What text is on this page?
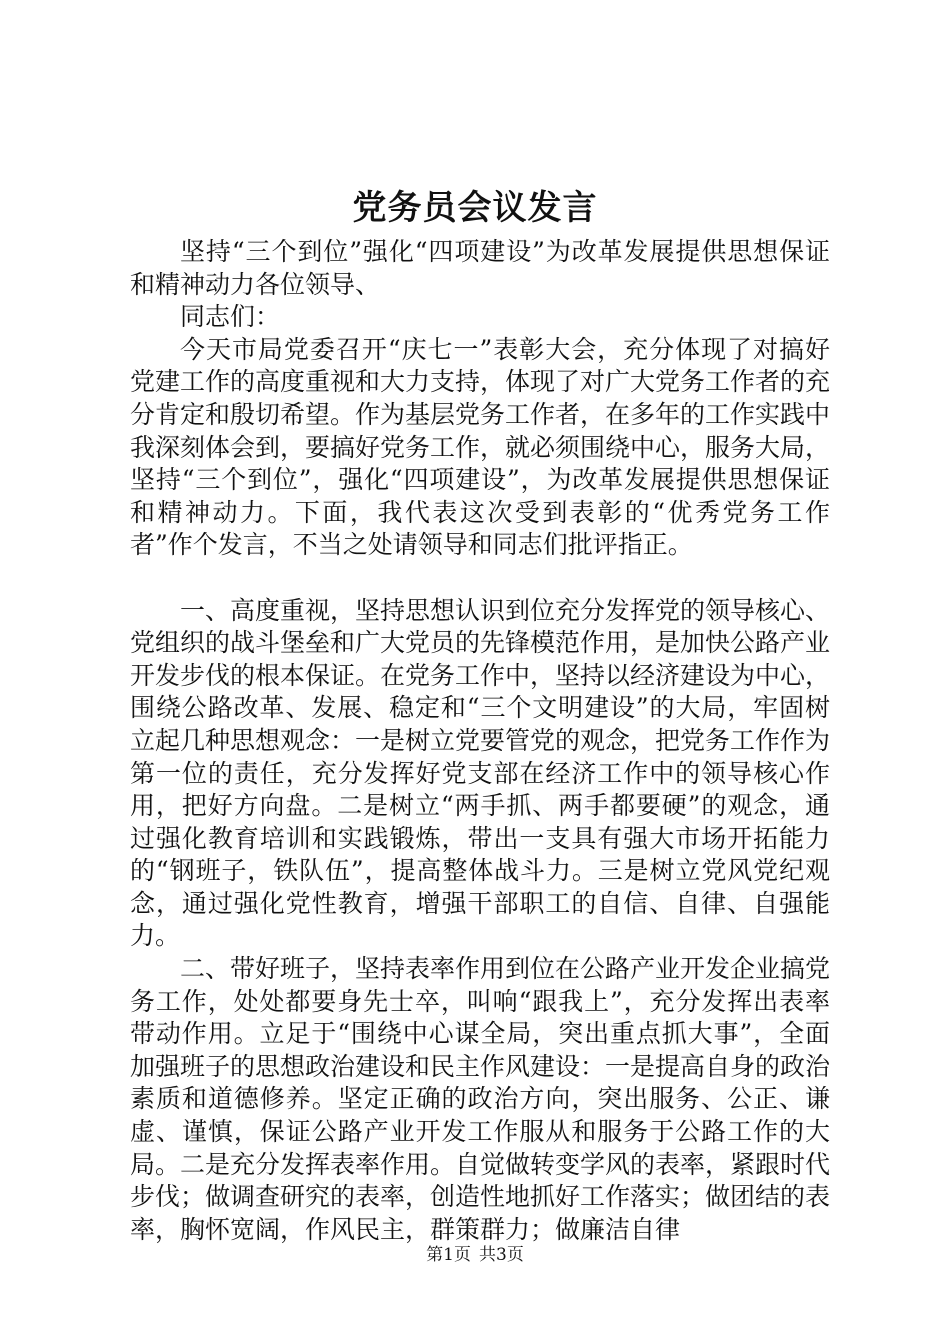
党务员会议发言

坚持“三个到位”强化“四项建设”为改革发展提供思想保证和精神动力各位领导、

同志们：

今天市局党委召开“庆七一”表彰大会，充分体现了对搞好党建工作的高度重视和大力支持，体现了对广大党务工作者的充分肯定和殷切希望。作为基层党务工作者，在多年的工作实践中我深刻体会到，要搞好党务工作，就必须围绕中心，服务大局，坚持“三个到位”，强化“四项建设”，为改革发展提供思想保证和精神动力。下面，我代表这次受到表彰的“优秀党务工作者”作个发言，不当之处请领导和同志们批评指正。

一、高度重视，坚持思想认识到位充分发挥党的领导核心、党组织的战斗堡垒和广大党员的先锋模范作用，是加快公路产业开发步伐的根本保证。在党务工作中，坚持以经济建设为中心，围绕公路改革、发展、稳定和“三个文明建设”的大局，牢固树立起几种思想观念：一是树立党要管党的观念，把党务工作作为第一位的责任，充分发挥好党支部在经济工作中的领导核心作用，把好方向盘。二是树立“两手抓、两手都要硬”的观念，通过强化教育培训和实践锻炼，带出一支具有强大市场开拓能力的“钢班子，铁队伍”，提高整体战斗力。三是树立党风党纪观念，通过强化党性教育，增强干部职工的自信、自律、自强能力。

二、带好班子，坚持表率作用到位在公路产业开发企业搞党务工作，处处都要身先士卒，叫响“跟我上”，充分发挥出表率带动作用。立足于“围绕中心谋全局，突出重点抓大事”，全面加强班子的思想政治建设和民主作风建设：一是提高自身的政治素质和道德修养。坚定正确的政治方向，突出服务、公正、谦虚、谨慎，保证公路产业开发工作服从和服务于公路工作的大局。二是充分发挥表率作用。自觉做转变学风的表率，紧跟时代步伐；做调查研究的表率，创造性地抓好工作落实；做团结的表率，胸怀宽阔，作风民主，群策群力；做廉洁自律

第1页 共3页
